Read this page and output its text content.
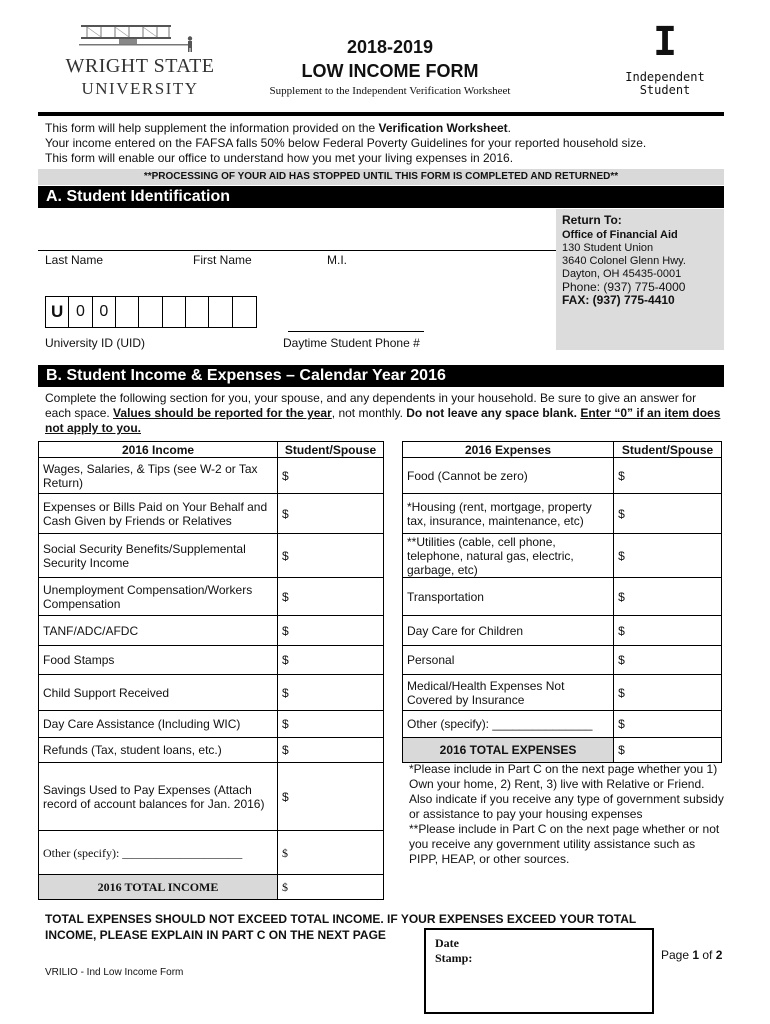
WRIGHT STATE
UNIVERSITY
2018-2019
LOW INCOME FORM
Supplement to the Independent Verification Worksheet
I
Independent
Student
This form will help supplement the information provided on the Verification Worksheet.
Your income entered on the FAFSA falls 50% below Federal Poverty Guidelines for your reported household size.
This form will enable our office to understand how you met your living expenses in 2016.
**PROCESSING OF YOUR AID HAS STOPPED UNTIL THIS FORM IS COMPLETED AND RETURNED**
A. Student Identification
Return To:
Office of Financial Aid
130 Student Union
3640 Colonel Glenn Hwy.
Dayton, OH 45435-0001
Phone: (937) 775-4000
FAX: (937) 775-4410
Last Name	First Name	M.I.
U 0 0
University ID (UID)	Daytime Student Phone #
B. Student Income & Expenses – Calendar Year 2016
Complete the following section for you, your spouse, and any dependents in your household. Be sure to give an answer for each space. Values should be reported for the year, not monthly. Do not leave any space blank. Enter “0” if an item does not apply to you.
2016 Income	Student/Spouse
Wages, Salaries, & Tips (see W-2 or Tax Return)	$
Expenses or Bills Paid on Your Behalf and Cash Given by Friends or Relatives	$
Social Security Benefits/Supplemental Security Income	$
Unemployment Compensation/Workers Compensation	$
TANF/ADC/AFDC	$
Food Stamps	$
Child Support Received	$
Day Care Assistance (Including WIC)	$
Refunds (Tax, student loans, etc.)	$
Savings Used to Pay Expenses (Attach record of account balances for Jan. 2016)	$
Other (specify): ____________________	$
2016 TOTAL INCOME	$
2016 Expenses	Student/Spouse
Food (Cannot be zero)	$
*Housing (rent, mortgage, property tax, insurance, maintenance, etc)	$
**Utilities (cable, cell phone, telephone, natural gas, electric, garbage, etc)	$
Transportation	$
Day Care for Children	$
Personal	$
Medical/Health Expenses Not Covered by Insurance	$
Other (specify): _______________	$
2016 TOTAL EXPENSES	$
*Please include in Part C on the next page whether you 1) Own your home, 2) Rent, 3) live with Relative or Friend. Also indicate if you receive any type of government subsidy or assistance to pay your housing expenses
**Please include in Part C on the next page whether or not you receive any government utility assistance such as PIPP, HEAP, or other sources.
TOTAL EXPENSES SHOULD NOT EXCEED TOTAL INCOME. IF YOUR EXPENSES EXCEED YOUR TOTAL INCOME, PLEASE EXPLAIN IN PART C ON THE NEXT PAGE
Date
Stamp:
VRILIO - Ind Low Income Form
Page 1 of 2
